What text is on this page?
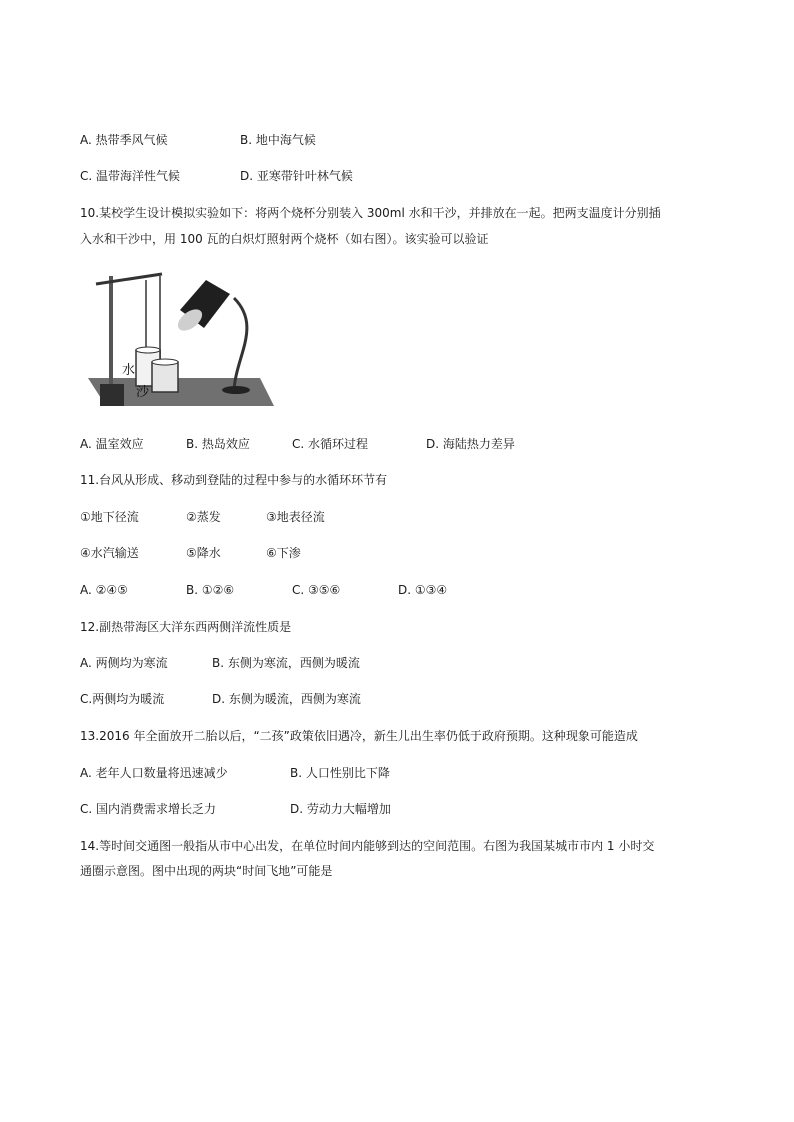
A. 热带季风气候	B. 地中海气候
C. 温带海洋性气候	D. 亚寒带针叶林气候
10.某校学生设计模拟实验如下：将两个烧杯分别装入 300ml 水和干沙，并排放在一起。把两支温度计分别插
入水和干沙中，用 100 瓦的白炽灯照射两个烧杯（如右图）。该实验可以验证
水
沙
A. 温室效应	B. 热岛效应	C. 水循环过程	D. 海陆热力差异
11.台风从形成、移动到登陆的过程中参与的水循环环节有
①地下径流	②蒸发	③地表径流
④水汽输送	⑤降水	⑥下渗
A. ②④⑤	B. ①②⑥	C. ③⑤⑥	D. ①③④
12.副热带海区大洋东西两侧洋流性质是
A. 两侧均为寒流	B. 东侧为寒流，西侧为暖流
C.两侧均为暖流	D. 东侧为暖流，西侧为寒流
13.2016 年全面放开二胎以后，“二孩”政策依旧遇冷，新生儿出生率仍低于政府预期。这种现象可能造成
A. 老年人口数量将迅速减少	B. 人口性别比下降
C. 国内消费需求增长乏力	D. 劳动力大幅增加
14.等时间交通图一般指从市中心出发，在单位时间内能够到达的空间范围。右图为我国某城市市内 1 小时交
通圈示意图。图中出现的两块“时间飞地”可能是
